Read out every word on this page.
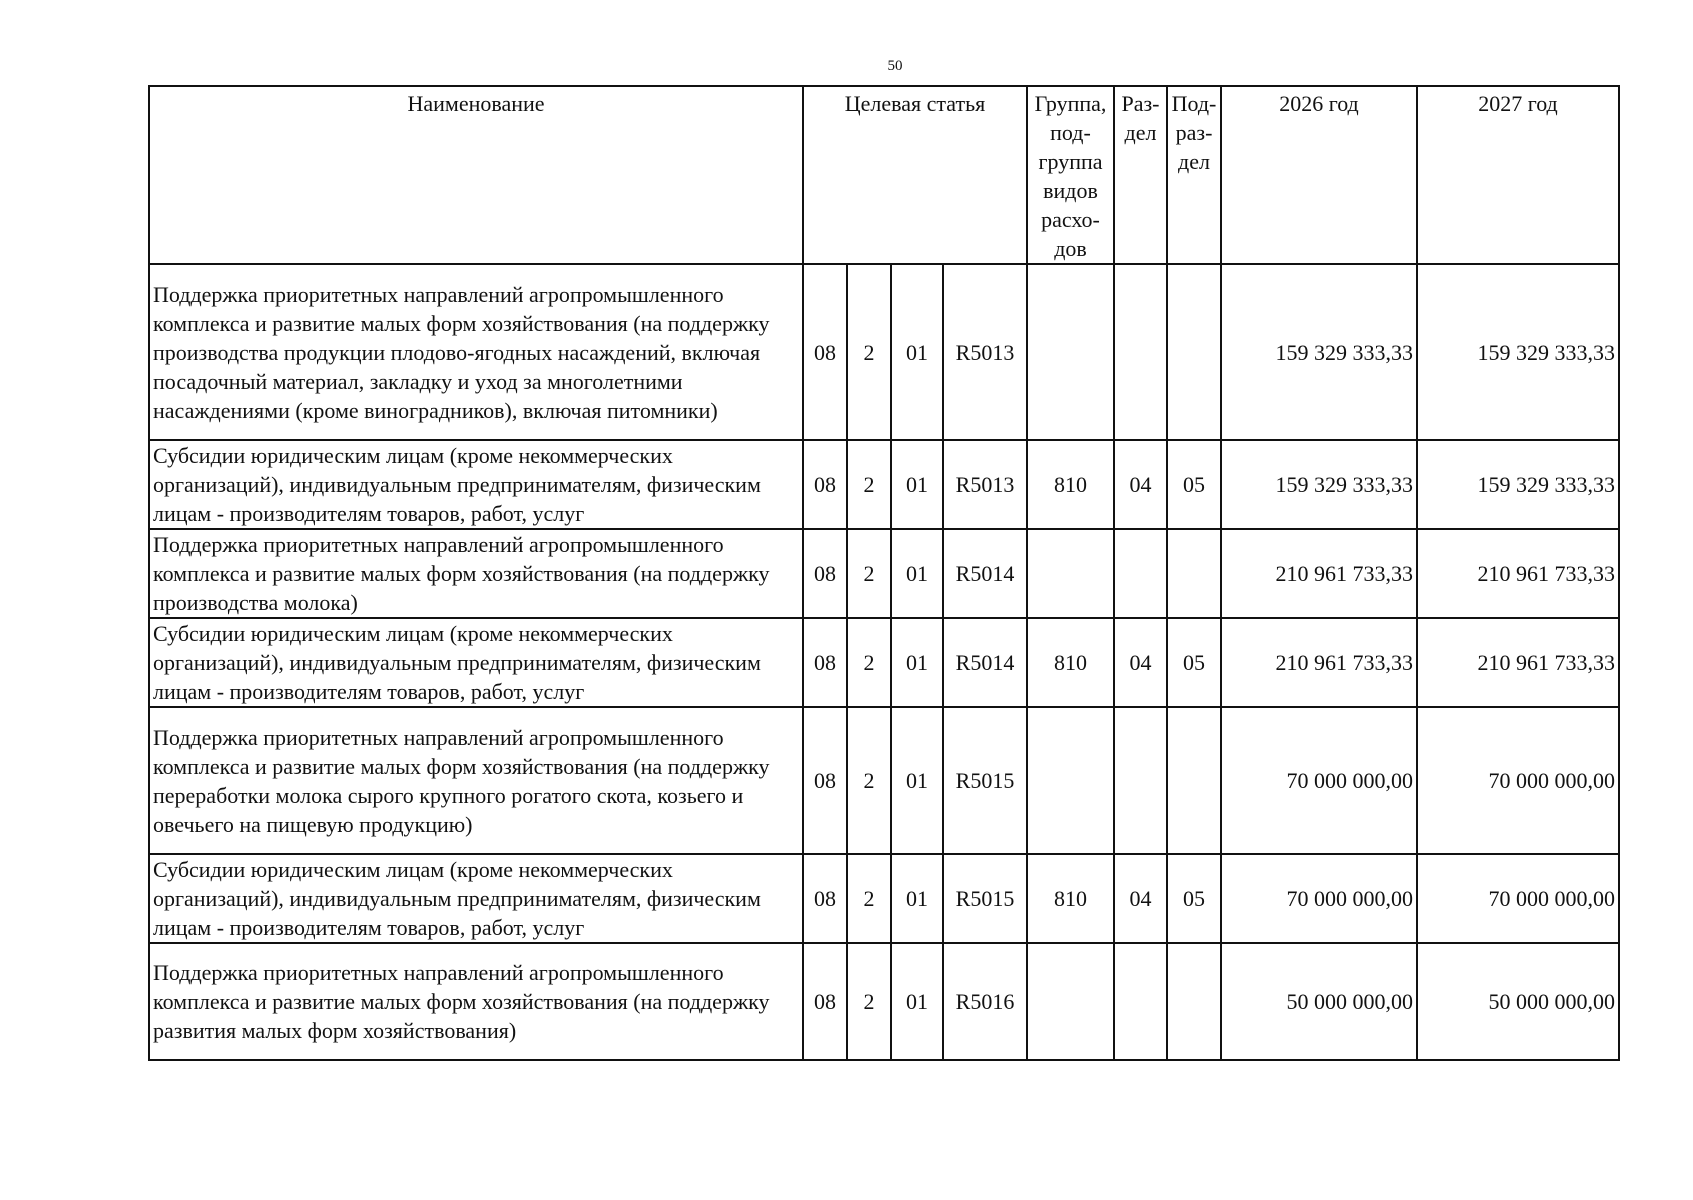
50
Наименование	Целевая статья				Группа, под-группа видов расхо-дов	Раз-дел	Под-раз-дел	2026 год	2027 год
Поддержка приоритетных направлений агропромышленного комплекса и развитие малых форм хозяйствования (на поддержку производства продукции плодово-ягодных насаждений, включая посадочный материал, закладку и уход за многолетними насаждениями (кроме виноградников), включая питомники)	08	2	01	R5013				159 329 333,33	159 329 333,33
Субсидии юридическим лицам (кроме некоммерческих организаций), индивидуальным предпринимателям, физическим лицам - производителям товаров, работ, услуг	08	2	01	R5013	810	04	05	159 329 333,33	159 329 333,33
Поддержка приоритетных направлений агропромышленного комплекса и развитие малых форм хозяйствования (на поддержку производства молока)	08	2	01	R5014				210 961 733,33	210 961 733,33
Субсидии юридическим лицам (кроме некоммерческих организаций), индивидуальным предпринимателям, физическим лицам - производителям товаров, работ, услуг	08	2	01	R5014	810	04	05	210 961 733,33	210 961 733,33
Поддержка приоритетных направлений агропромышленного комплекса и развитие малых форм хозяйствования (на поддержку переработки молока сырого крупного рогатого скота, козьего и овечьего на пищевую продукцию)	08	2	01	R5015				70 000 000,00	70 000 000,00
Субсидии юридическим лицам (кроме некоммерческих организаций), индивидуальным предпринимателям, физическим лицам - производителям товаров, работ, услуг	08	2	01	R5015	810	04	05	70 000 000,00	70 000 000,00
Поддержка приоритетных направлений агропромышленного комплекса и развитие малых форм хозяйствования (на поддержку развития малых форм хозяйствования)	08	2	01	R5016				50 000 000,00	50 000 000,00
